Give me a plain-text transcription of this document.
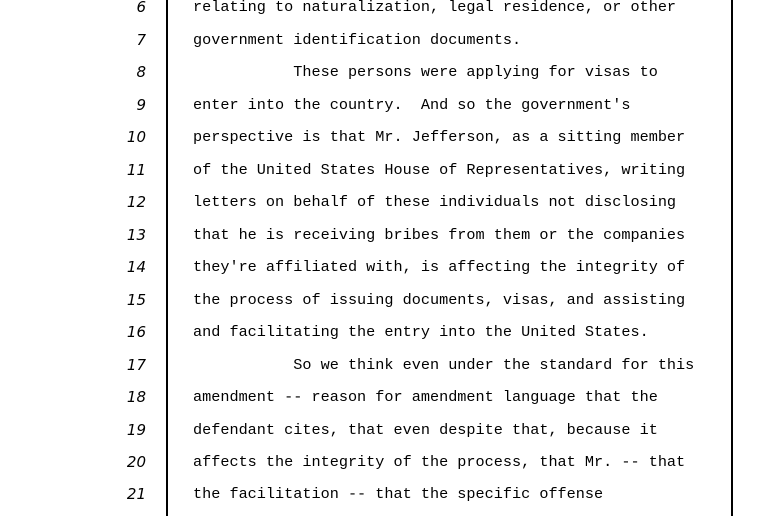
6	relating to naturalization, legal residence, or other
7	government identification documents.
8	These persons were applying for visas to
9	enter into the country.  And so the government's
10	perspective is that Mr. Jefferson, as a sitting member
11	of the United States House of Representatives, writing
12	letters on behalf of these individuals not disclosing
13	that he is receiving bribes from them or the companies
14	they're affiliated with, is affecting the integrity of
15	the process of issuing documents, visas, and assisting
16	and facilitating the entry into the United States.
17	So we think even under the standard for this
18	amendment -- reason for amendment language that the
19	defendant cites, that even despite that, because it
20	affects the integrity of the process, that Mr. -- that
21	the facilitation -- that the specific offense
